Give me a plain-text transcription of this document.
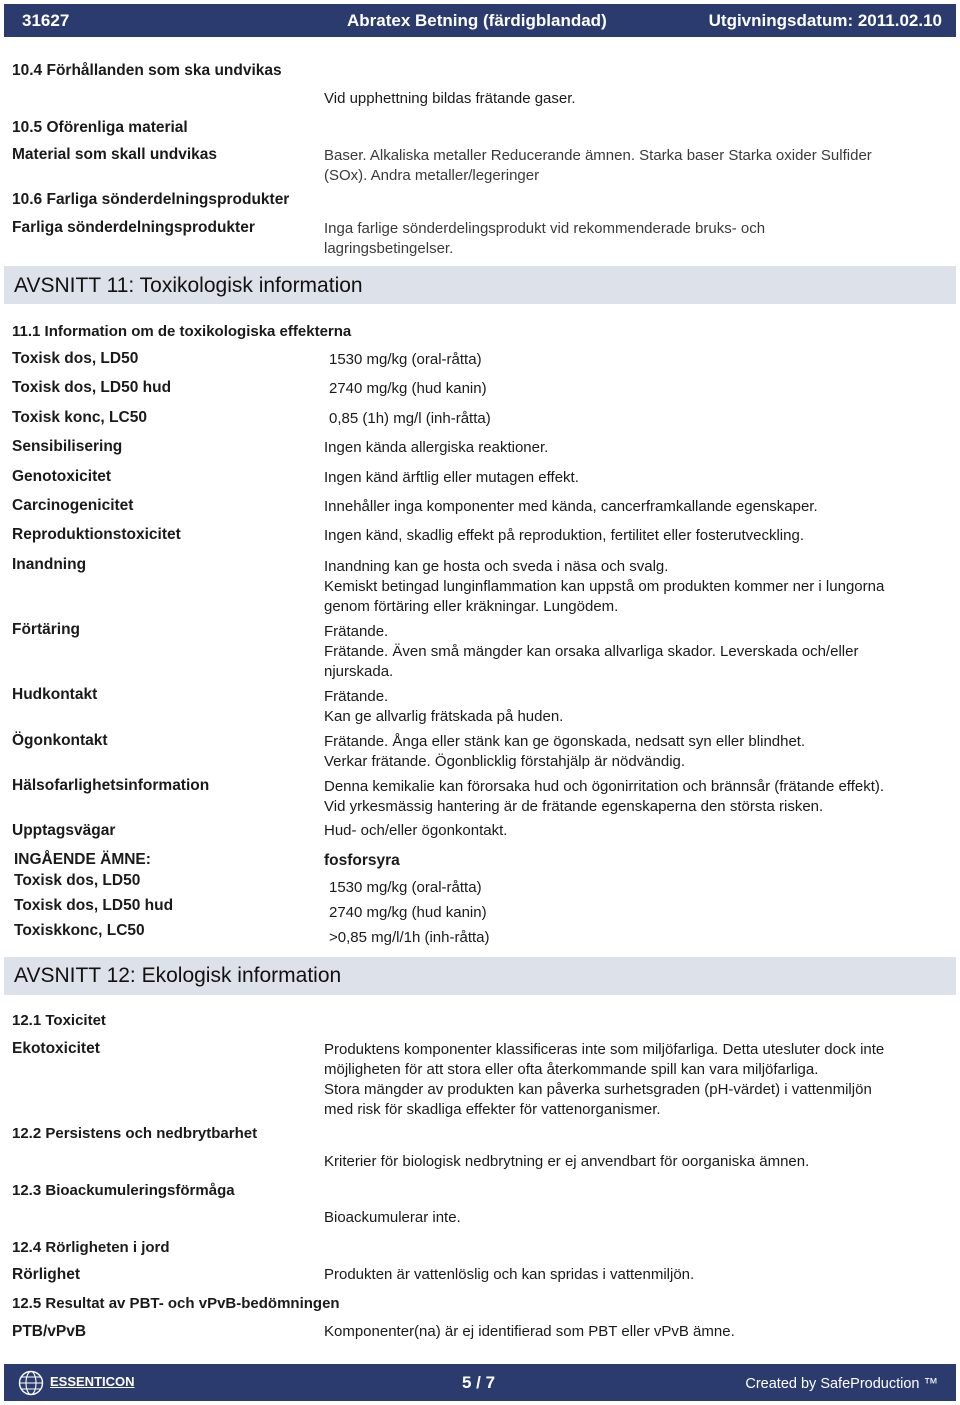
31627	Abratex Betning (färdigblandad)	Utgivningsdatum: 2011.02.10
10.4 Förhållanden som ska undvikas
Vid upphettning bildas frätande gaser.
10.5 Oförenliga material
Material som skall undvikas	Baser. Alkaliska metaller Reducerande ämnen. Starka baser Starka oxider Sulfider
(SOx). Andra metaller/legeringer
10.6 Farliga sönderdelningsprodukter
Farliga sönderdelningsprodukter	Inga farlige sönderdelingsprodukt vid rekommenderade bruks- och
lagringsbetingelser.
AVSNITT 11: Toxikologisk information
11.1 Information om de toxikologiska effekterna
Toxisk dos, LD50	1530 mg/kg (oral-råtta)
Toxisk dos, LD50 hud	2740 mg/kg (hud kanin)
Toxisk konc, LC50	0,85 (1h) mg/l (inh-råtta)
Sensibilisering	Ingen kända allergiska reaktioner.
Genotoxicitet	Ingen känd ärftlig eller mutagen effekt.
Carcinogenicitet	Innehåller inga komponenter med kända, cancerframkallande egenskaper.
Reproduktionstoxicitet	Ingen känd, skadlig effekt på reproduktion, fertilitet eller fosterutveckling.
Inandning	Inandning kan ge hosta och sveda i näsa och svalg.
Kemiskt betingad lunginflammation kan uppstå om produkten kommer ner i lungorna
genom förtäring eller kräkningar. Lungödem.
Förtäring	Frätande.
Frätande. Även små mängder kan orsaka allvarliga skador. Leverskada och/eller
njurskada.
Hudkontakt	Frätande.
Kan ge allvarlig frätskada på huden.
Ögonkontakt	Frätande. Ånga eller stänk kan ge ögonskada, nedsatt syn eller blindhet.
Verkar frätande. Ögonblicklig förstahjälp är nödvändig.
Hälsofarlighetsinformation	Denna kemikalie kan förorsaka hud och ögonirritation och brännsår (frätande effekt).
Vid yrkesmässig hantering är de frätande egenskaperna den största risken.
Upptagsvägar	Hud- och/eller ögonkontakt.
INGÅENDE ÄMNE:	fosforsyra
Toxisk dos, LD50	1530 mg/kg (oral-råtta)
Toxisk dos, LD50 hud	2740 mg/kg (hud kanin)
Toxiskkonc, LC50	>0,85 mg/l/1h (inh-råtta)
AVSNITT 12: Ekologisk information
12.1 Toxicitet
Ekotoxicitet	Produktens komponenter klassificeras inte som miljöfarliga. Detta utesluter dock inte
möjligheten för att stora eller ofta återkommande spill kan vara miljöfarliga.
Stora mängder av produkten kan påverka surhetsgraden (pH-värdet) i vattenmiljön
med risk för skadliga effekter för vattenorganismer.
12.2 Persistens och nedbrytbarhet
Kriterier för biologisk nedbrytning er ej anvendbart för oorganiska ämnen.
12.3 Bioackumuleringsförmåga
Bioackumulerar inte.
12.4 Rörligheten i jord
Rörlighet	Produkten är vattenlöslig och kan spridas i vattenmiljön.
12.5 Resultat av PBT- och vPvB-bedömningen
PTB/vPvB	Komponenter(na) är ej identifierad som PBT eller vPvB ämne.
ESSENTICON	5 / 7	Created by SafeProduction ™
